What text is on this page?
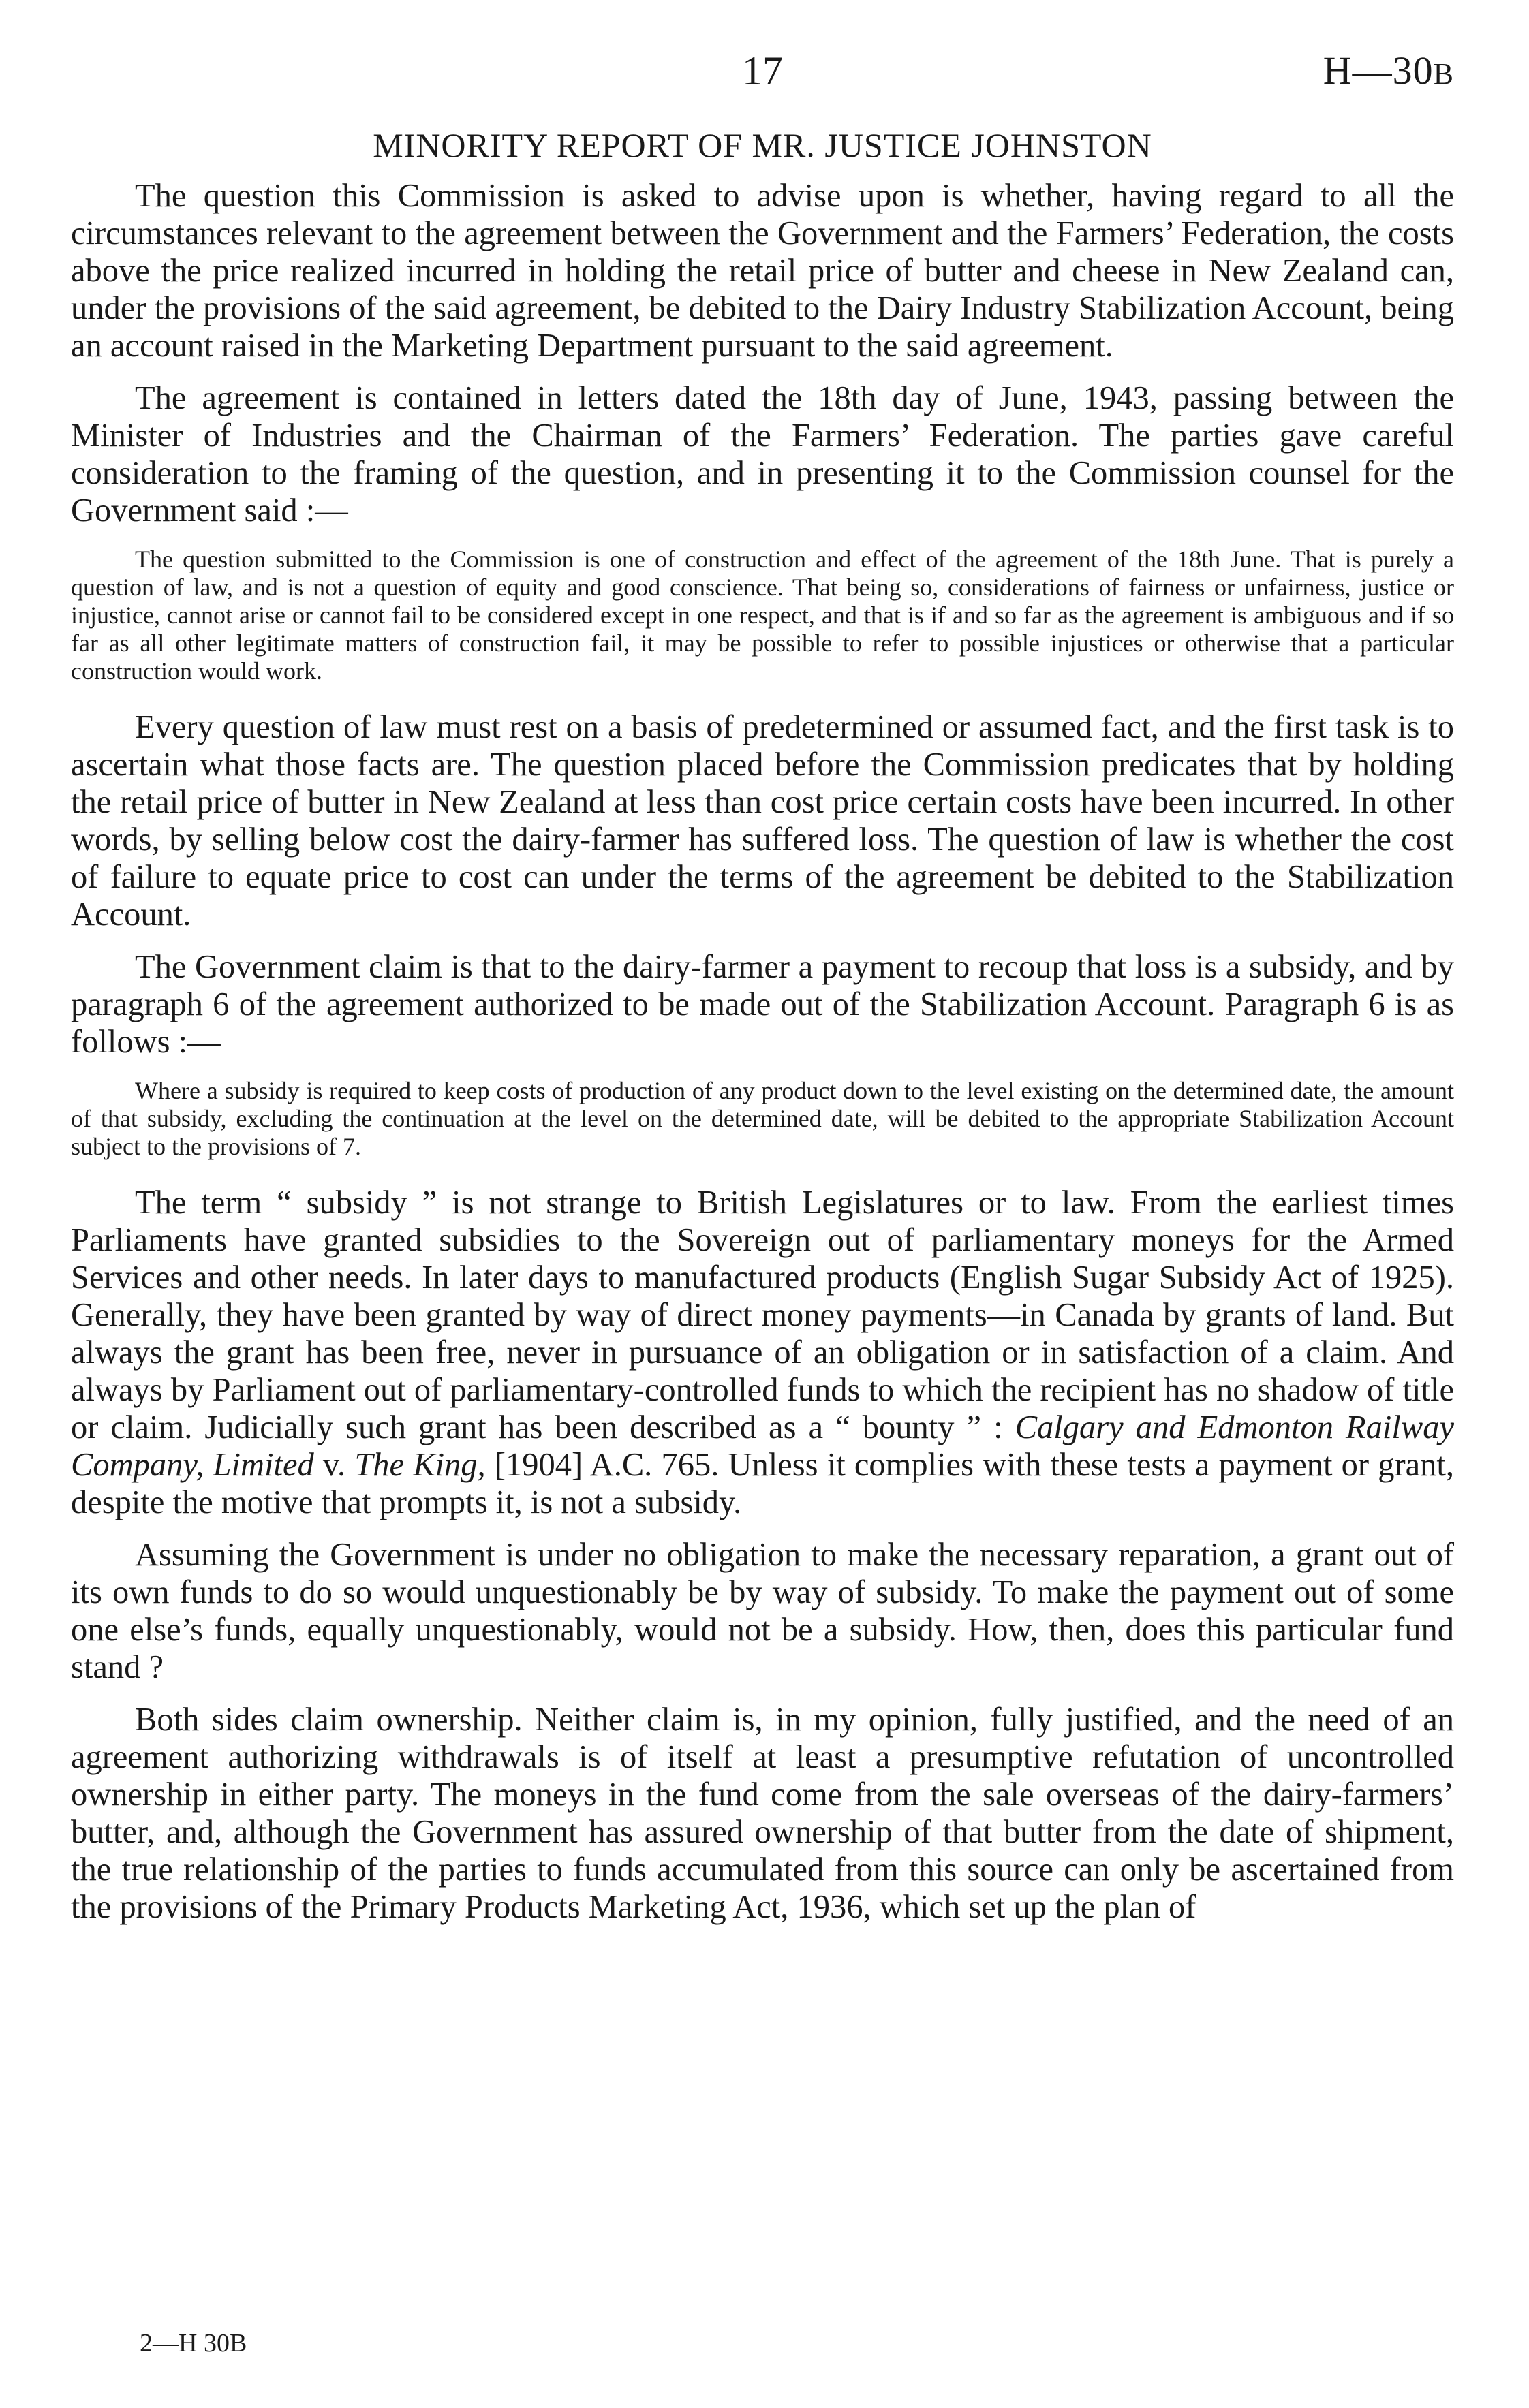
17	H—30B
MINORITY REPORT OF MR. JUSTICE JOHNSTON

The question this Commission is asked to advise upon is whether, having regard to all the circumstances relevant to the agreement between the Government and the Farmers’ Federation, the costs above the price realized incurred in holding the retail price of butter and cheese in New Zealand can, under the provisions of the said agreement, be debited to the Dairy Industry Stabilization Account, being an account raised in the Marketing Department pursuant to the said agreement.

The agreement is contained in letters dated the 18th day of June, 1943, passing between the Minister of Industries and the Chairman of the Farmers’ Federation. The parties gave careful consideration to the framing of the question, and in presenting it to the Commission counsel for the Government said :—

The question submitted to the Commission is one of construction and effect of the agreement of the 18th June. That is purely a question of law, and is not a question of equity and good conscience. That being so, considerations of fairness or unfairness, justice or injustice, cannot arise or cannot fail to be considered except in one respect, and that is if and so far as the agreement is ambiguous and if so far as all other legitimate matters of construction fail, it may be possible to refer to possible injustices or otherwise that a particular construction would work.

Every question of law must rest on a basis of predetermined or assumed fact, and the first task is to ascertain what those facts are. The question placed before the Commission predicates that by holding the retail price of butter in New Zealand at less than cost price certain costs have been incurred. In other words, by selling below cost the dairy-farmer has suffered loss. The question of law is whether the cost of failure to equate price to cost can under the terms of the agreement be debited to the Stabilization Account.

The Government claim is that to the dairy-farmer a payment to recoup that loss is a subsidy, and by paragraph 6 of the agreement authorized to be made out of the Stabilization Account. Paragraph 6 is as follows :—

Where a subsidy is required to keep costs of production of any product down to the level existing on the determined date, the amount of that subsidy, excluding the continuation at the level on the determined date, will be debited to the appropriate Stabilization Account subject to the provisions of 7.

The term “ subsidy ” is not strange to British Legislatures or to law. From the earliest times Parliaments have granted subsidies to the Sovereign out of parliamentary moneys for the Armed Services and other needs. In later days to manufactured products (English Sugar Subsidy Act of 1925). Generally, they have been granted by way of direct money payments—in Canada by grants of land. But always the grant has been free, never in pursuance of an obligation or in satisfaction of a claim. And always by Parliament out of parliamentary-controlled funds to which the recipient has no shadow of title or claim. Judicially such grant has been described as a “ bounty ” : Calgary and Edmonton Railway Company, Limited v. The King, [1904] A.C. 765. Unless it complies with these tests a payment or grant, despite the motive that prompts it, is not a subsidy.

Assuming the Government is under no obligation to make the necessary reparation, a grant out of its own funds to do so would unquestionably be by way of subsidy. To make the payment out of some one else’s funds, equally unquestionably, would not be a subsidy. How, then, does this particular fund stand ?

Both sides claim ownership. Neither claim is, in my opinion, fully justified, and the need of an agreement authorizing withdrawals is of itself at least a presumptive refutation of uncontrolled ownership in either party. The moneys in the fund come from the sale overseas of the dairy-farmers’ butter, and, although the Government has assured ownership of that butter from the date of shipment, the true relationship of the parties to funds accumulated from this source can only be ascertained from the provisions of the Primary Products Marketing Act, 1936, which set up the plan of

2—H 30B
